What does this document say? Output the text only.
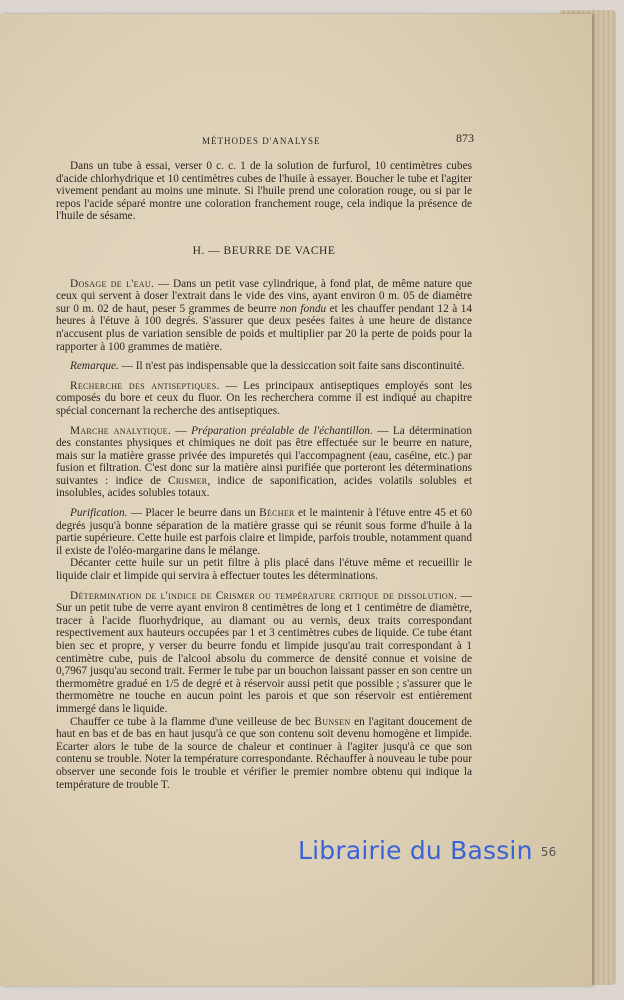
MÉTHODES D'ANALYSE	873

Dans un tube à essai, verser 0 c. c. 1 de la solution de furfurol, 10 centimètres cubes d'acide chlorhydrique et 10 centimètres cubes de l'huile à essayer. Boucher le tube et l'agiter vivement pendant au moins une minute. Si l'huile prend une coloration rouge, ou si par le repos l'acide séparé montre une coloration franchement rouge, cela indique la présence de l'huile de sésame.

H. — BEURRE DE VACHE

Dosage de l'eau. — Dans un petit vase cylindrique, à fond plat, de même nature que ceux qui servent à doser l'extrait dans le vide des vins, ayant environ 0 m. 05 de diamètre sur 0 m. 02 de haut, peser 5 grammes de beurre non fondu et les chauffer pendant 12 à 14 heures à l'étuve à 100 degrés. S'assurer que deux pesées faites à une heure de distance n'accusent plus de variation sensible de poids et multiplier par 20 la perte de poids pour la rapporter à 100 grammes de matière.

Remarque. — Il n'est pas indispensable que la dessiccation soit faite sans discontinuité.

Recherche des antiseptiques. — Les principaux antiseptiques employés sont les composés du bore et ceux du fluor. On les recherchera comme il est indiqué au chapitre spécial concernant la recherche des antiseptiques.

Marche analytique. — Préparation préalable de l'échantillon. — La détermination des constantes physiques et chimiques ne doit pas être effectuée sur le beurre en nature, mais sur la matière grasse privée des impuretés qui l'accompagnent (eau, caséine, etc.) par fusion et filtration. C'est donc sur la matière ainsi purifiée que porteront les déterminations suivantes : indice de Crismer, indice de saponification, acides volatils solubles et insolubles, acides solubles totaux.

Purification. — Placer le beurre dans un Bécher et le maintenir à l'étuve entre 45 et 60 degrés jusqu'à bonne séparation de la matière grasse qui se réunit sous forme d'huile à la partie supérieure. Cette huile est parfois claire et limpide, parfois trouble, notamment quand il existe de l'oléo-margarine dans le mélange.

Décanter cette huile sur un petit filtre à plis placé dans l'étuve même et recueillir le liquide clair et limpide qui servira à effectuer toutes les déterminations.

Détermination de l'indice de Crismer ou température critique de dissolution. — Sur un petit tube de verre ayant environ 8 centimètres de long et 1 centimètre de diamètre, tracer à l'acide fluorhydrique, au diamant ou au vernis, deux traits correspondant respectivement aux hauteurs occupées par 1 et 3 centimètres cubes de liquide. Ce tube étant bien sec et propre, y verser du beurre fondu et limpide jusqu'au trait correspondant à 1 centimètre cube, puis de l'alcool absolu du commerce de densité connue et voisine de 0,7967 jusqu'au second trait. Fermer le tube par un bouchon laissant passer en son centre un thermomètre gradué en 1/5 de degré et à réservoir aussi petit que possible ; s'assurer que le thermomètre ne touche en aucun point les parois et que son réservoir est entièrement immergé dans le liquide.

Chauffer ce tube à la flamme d'une veilleuse de bec Bunsen en l'agitant doucement de haut en bas et de bas en haut jusqu'à ce que son contenu soit devenu homogène et limpide. Ecarter alors le tube de la source de chaleur et continuer à l'agiter jusqu'à ce que son contenu se trouble. Noter la température correspondante. Réchauffer à nouveau le tube pour observer une seconde fois le trouble et vérifier le premier nombre obtenu qui indique la température de trouble T.

Librairie du Bassin 56
